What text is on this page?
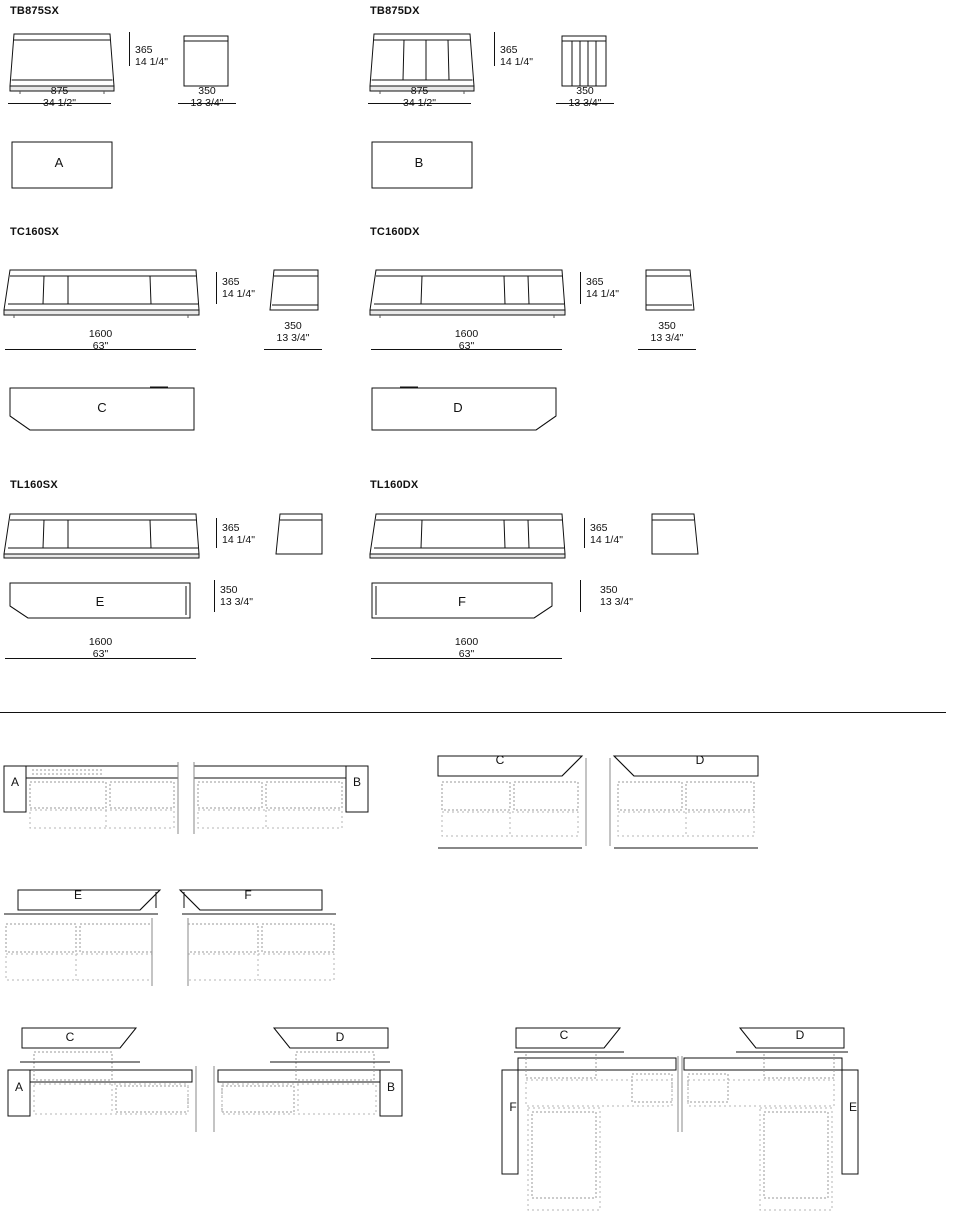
TB875SX
365
14 1/4"
875
34 1/2"
350
13 3/4"
A
TB875DX
365
14 1/4"
875
34 1/2"
350
13 3/4"
B
TC160SX
365
14 1/4"
1600
63"
350
13 3/4"
C
TC160DX
365
14 1/4"
1600
63"
350
13 3/4"
D
TL160SX
365
14 1/4"
E
350
13 3/4"
1600
63"
TL160DX
365
14 1/4"
F
350
13 3/4"
1600
63"
A	B
C	D
E	F
C
A
D
B
C
F
D
E
